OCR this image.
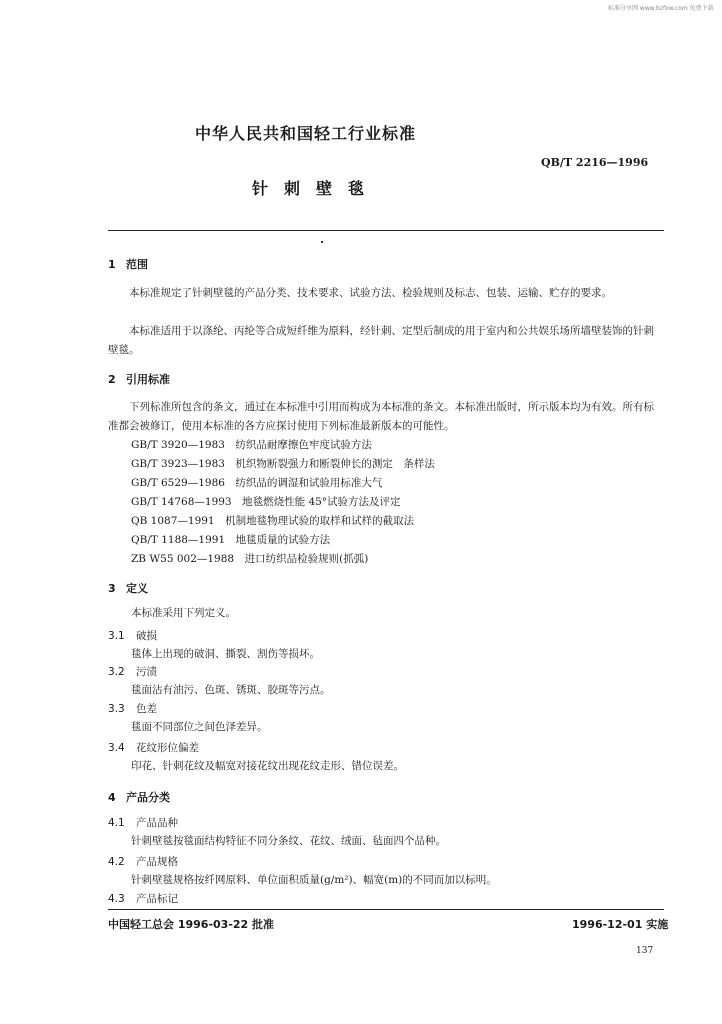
标准分享网 www.bzfxw.com 免费下载
中华人民共和国轻工行业标准
QB/T 2216—1996
针刺壁毯
1 范围
本标准规定了针刺壁毯的产品分类、技术要求、试验方法、检验规则及标志、包装、运输、贮存的要求。
本标准适用于以涤纶、丙纶等合成短纤维为原料，经针刺、定型后制成的用于室内和公共娱乐场所墙壁装饰的针刺壁毯。
2 引用标准
下列标准所包含的条文，通过在本标准中引用而构成为本标准的条文。本标准出版时，所示版本均为有效。所有标准都会被修订，使用本标准的各方应探讨使用下列标准最新版本的可能性。
GB/T 3920—1983　纺织品耐摩擦色牢度试验方法
GB/T 3923—1983　机织物断裂强力和断裂伸长的测定　条样法
GB/T 6529—1986　纺织品的调湿和试验用标准大气
GB/T 14768—1993　地毯燃烧性能 45°试验方法及评定
QB 1087—1991　机制地毯物理试验的取样和试样的截取法
QB/T 1188—1991　地毯质量的试验方法
ZB W55 002—1988　进口纺织品检验规则(抓弧)
3 定义
本标准采用下列定义。
3.1 破损
毯体上出现的破洞、撕裂、割伤等损坏。
3.2 污渍
毯面沾有油污、色斑、锈斑、胶斑等污点。
3.3 色差
毯面不同部位之间色泽差异。
3.4 花纹形位偏差
印花、针刺花纹及幅宽对接花纹出现花纹走形、错位误差。
4 产品分类
4.1 产品品种
针刺壁毯按毯面结构特征不同分条纹、花纹、绒面、毡面四个品种。
4.2 产品规格
针刺壁毯规格按纤网原料、单位面积质量(g/m²)、幅宽(m)的不同而加以标明。
4.3 产品标记
中国轻工总会 1996-03-22 批准	1996-12-01 实施
137
